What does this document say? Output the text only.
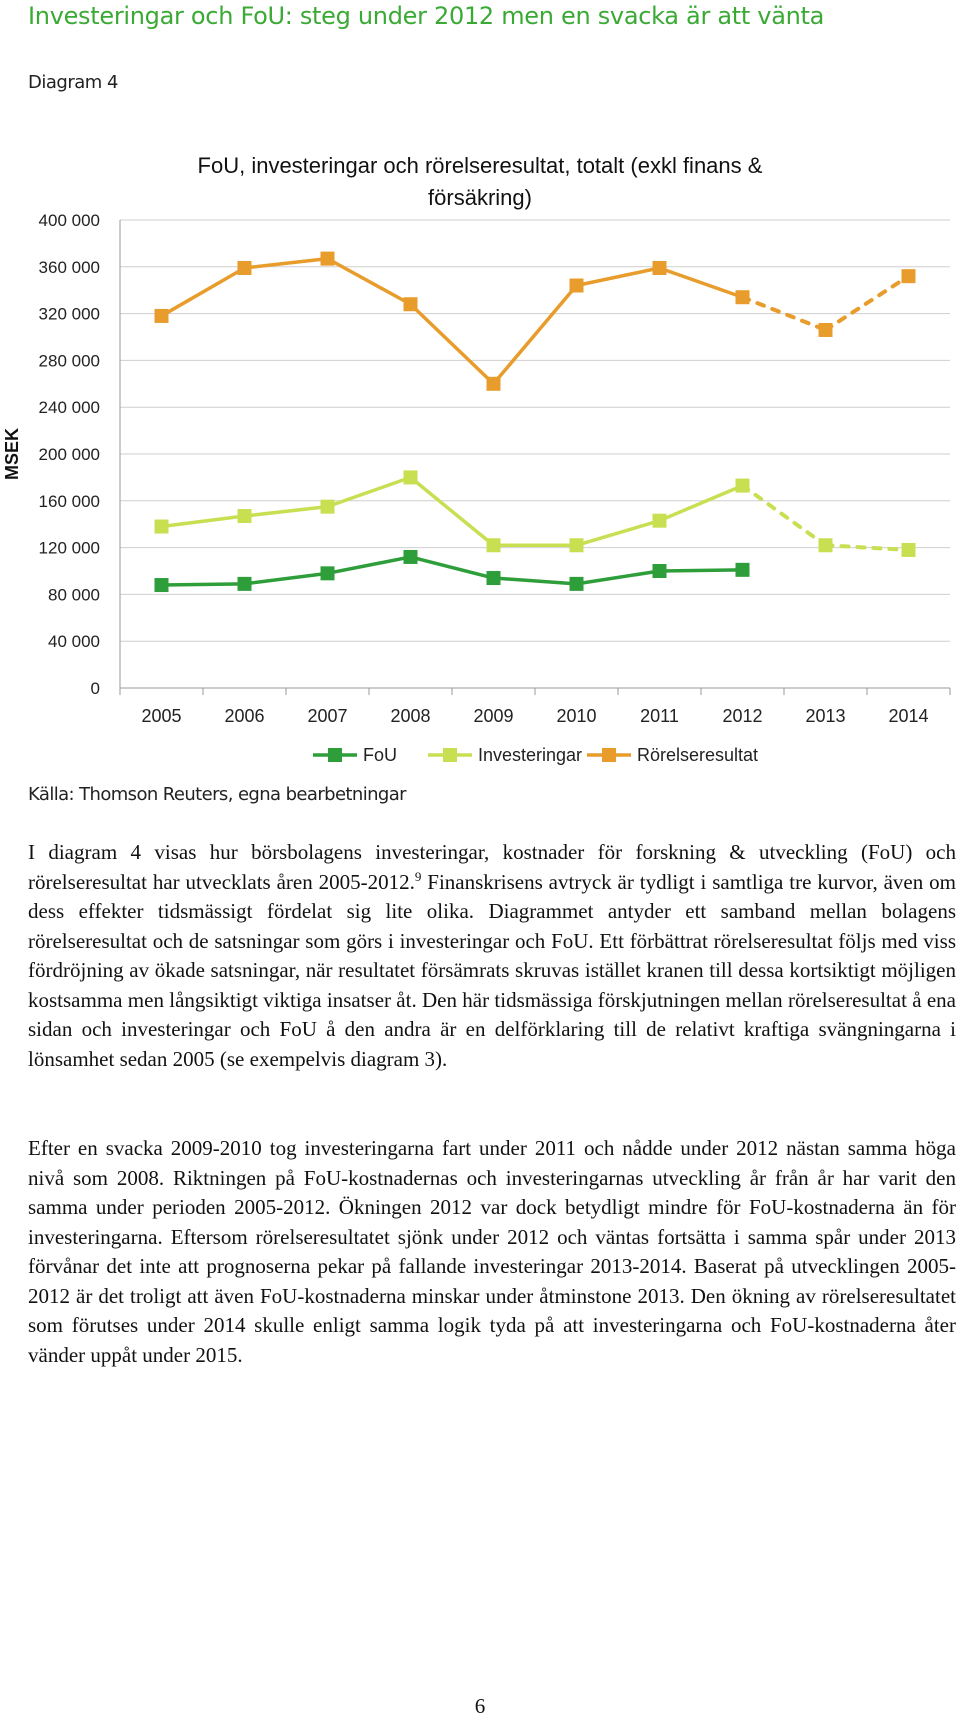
Investeringar och FoU: steg under 2012 men en svacka är att vänta
Diagram 4
FoU, investeringar och rörelseresultat, totalt (exkl finans &
försäkring)
0
40 000
80 000
120 000
160 000
200 000
240 000
280 000
320 000
360 000
400 000
MSEK
2005 2006 2007 2008 2009 2010 2011 2012 2013 2014
FoU	Investeringar	Rörelseresultat
Källa: Thomson Reuters, egna bearbetningar

I diagram 4 visas hur börsbolagens investeringar, kostnader för forskning & utveckling (FoU) och rörelseresultat har utvecklats åren 2005-2012.$^9$ Finanskrisens avtryck är tydligt i samtliga tre kurvor, även om dess effekter tidsmässigt fördelat sig lite olika. Diagrammet antyder ett samband mellan bolagens rörelseresultat och de satsningar som görs i investeringar och FoU. Ett förbättrat rörelseresultat följs med viss fördröjning av ökade satsningar, när resultatet försämrats skruvas istället kranen till dessa kortsiktigt möjligen kostsamma men långsiktigt viktiga insatser åt. Den här tidsmässiga förskjutningen mellan rörelseresultat å ena sidan och investeringar och FoU å den andra är en delförklaring till de relativt kraftiga svängningarna i lönsamhet sedan 2005 (se exempelvis diagram 3).

Efter en svacka 2009-2010 tog investeringarna fart under 2011 och nådde under 2012 nästan samma höga nivå som 2008. Riktningen på FoU-kostnadernas och investeringarnas utveckling år från år har varit den samma under perioden 2005-2012. Ökningen 2012 var dock betydligt mindre för FoU-kostnaderna än för investeringarna. Eftersom rörelseresultatet sjönk under 2012 och väntas fortsätta i samma spår under 2013 förvånar det inte att prognoserna pekar på fallande investeringar 2013-2014. Baserat på utvecklingen 2005-2012 är det troligt att även FoU-kostnaderna minskar under åtminstone 2013. Den ökning av rörelseresultatet som förutses under 2014 skulle enligt samma logik tyda på att investeringarna och FoU-kostnaderna åter vänder uppåt under 2015.

6
